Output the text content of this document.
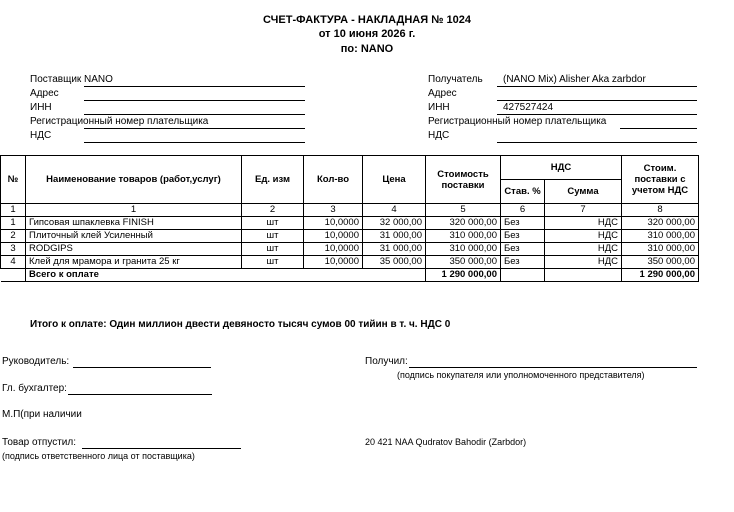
СЧЕТ-ФАКТУРА - НАКЛАДНАЯ № 1024
от 10 июня 2026 г.
по: NANO
Поставщик NANO
Адрес
ИНН
Регистрационный номер плательщика
НДС
Получатель (NANO Mix) Alisher Aka zarbdor
Адрес
ИНН	427527424
Регистрационный номер плательщика
НДС
№	Наименование товаров (работ,услуг)	Ед. изм	Кол-во	Цена	Стоимость поставки	НДС		Стоим. поставки с учетом НДС
						Став. %	Сумма	
1	1	2	3	4	5	6	7	8
1	Гипсовая шпаклевка FINISH	шт	10,0000	32 000,00	320 000,00	Без	НДС	320 000,00
2	Плиточный клей Усиленный	шт	10,0000	31 000,00	310 000,00	Без	НДС	310 000,00
3	RODGIPS	шт	10,0000	31 000,00	310 000,00	Без	НДС	310 000,00
4	Клей для мрамора и гранита 25 кг	шт	10,0000	35 000,00	350 000,00	Без	НДС	350 000,00
	Всего к оплате				1 290 000,00			1 290 000,00
Итого к оплате: Один миллион двести девяносто тысяч сумов 00 тийин в т. ч. НДС 0
Руководитель:
Гл. бухгалтер:
М.П(при наличии
Товар отпустил:
(подпись ответственного лица от поставщика)
Получил:
(подпись покупателя или уполномоченного представителя)
20 421 NAA Qudratov Bahodir (Zarbdor)
